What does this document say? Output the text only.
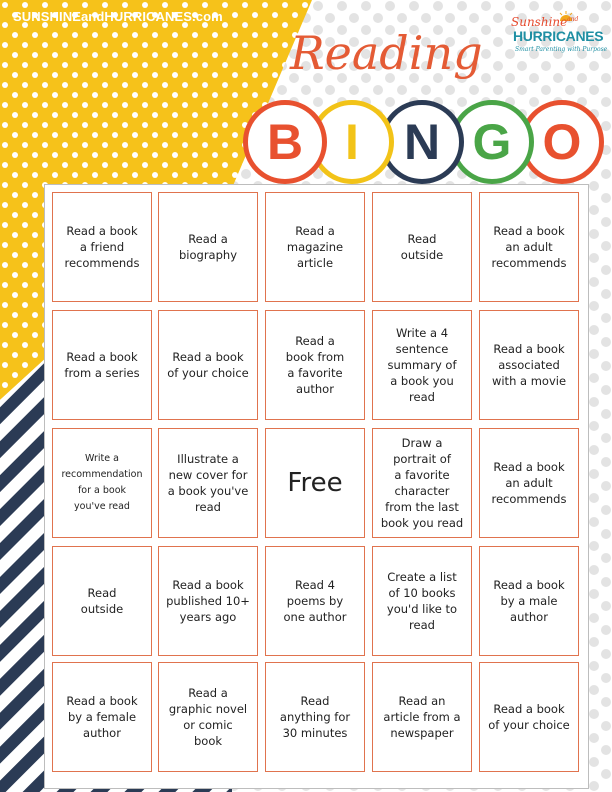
SUNSHINEandHURRICANES.com	Sunshine and
HURRICANES
Smart Parenting with Purpose
Reading
B I N G O
Read a book
a friend
recommends
Read a
biography
Read a
magazine
article
Read
outside
Read a book
an adult
recommends
Read a book
from a series
Read a book
of your choice
Read a
book from
a favorite
author
Write a 4
sentence
summary of
a book you
read
Read a book
associated
with a movie
Write a
recommendation
for a book
you've read
Illustrate a
new cover for
a book you've
read
Free
Draw a
portrait of
a favorite
character
from the last
book you read
Read a book
an adult
recommends
Read
outside
Read a book
published 10+
years ago
Read 4
poems by
one author
Create a list
of 10 books
you'd like to
read
Read a book
by a male
author
Read a book
by a female
author
Read a
graphic novel
or comic
book
Read
anything for
30 minutes
Read an
article from a
newspaper
Read a book
of your choice
